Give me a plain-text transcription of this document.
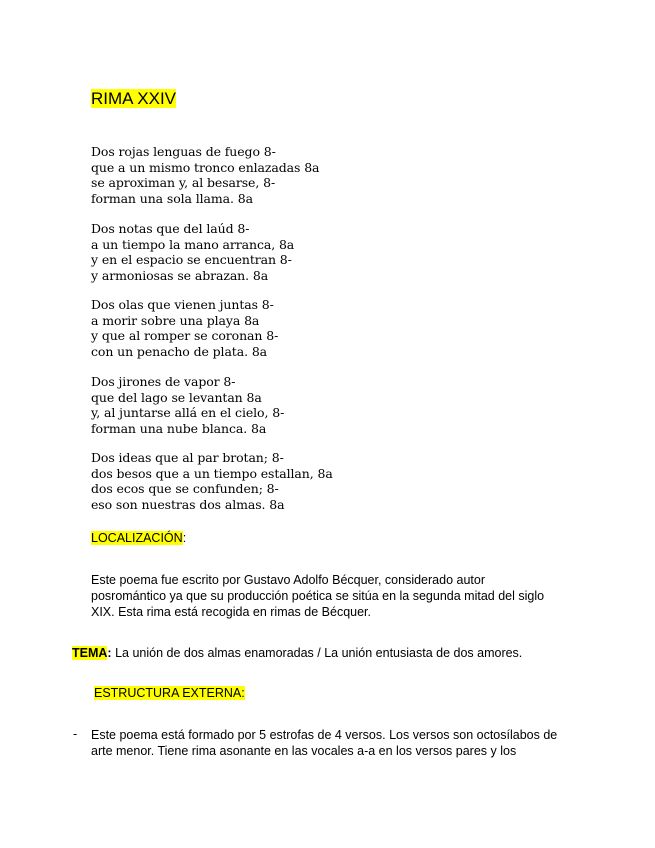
RIMA XXIV
Dos rojas lenguas de fuego 8-
que a un mismo tronco enlazadas 8a
se aproximan y, al besarse, 8-
forman una sola llama. 8a
Dos notas que del laúd 8-
a un tiempo la mano arranca, 8a
y en el espacio se encuentran 8-
y armoniosas se abrazan. 8a
Dos olas que vienen juntas 8-
a morir sobre una playa 8a
y que al romper se coronan 8-
con un penacho de plata. 8a
Dos jirones de vapor 8-
que del lago se levantan 8a
y, al juntarse allá en el cielo, 8-
forman una nube blanca. 8a
Dos ideas que al par brotan; 8-
dos besos que a un tiempo estallan, 8a
dos ecos que se confunden; 8-
eso son nuestras dos almas. 8a
LOCALIZACIÓN:
Este poema fue escrito por Gustavo Adolfo Bécquer, considerado autor posromántico ya que su producción poética se sitúa en la segunda mitad del siglo XIX. Esta rima está recogida en rimas de Bécquer.
TEMA: La unión de dos almas enamoradas / La unión entusiasta de dos amores.
ESTRUCTURA EXTERNA:
- Este poema está formado por 5 estrofas de 4 versos. Los versos son octosílabos de arte menor. Tiene rima asonante en las vocales a-a en los versos pares y los
